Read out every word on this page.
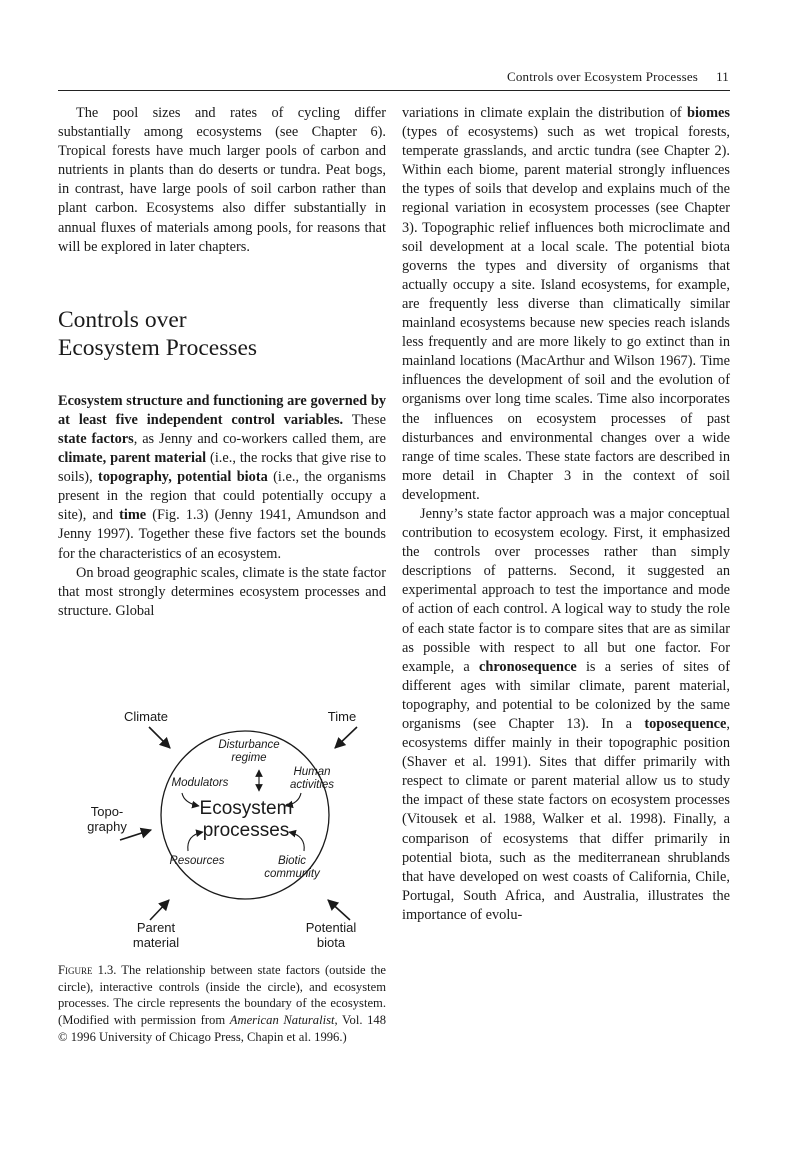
Controls over Ecosystem Processes 11

The pool sizes and rates of cycling differ substantially among ecosystems (see Chapter 6). Tropical forests have much larger pools of carbon and nutrients in plants than do deserts or tundra. Peat bogs, in contrast, have large pools of soil carbon rather than plant carbon. Ecosystems also differ substantially in annual fluxes of materials among pools, for reasons that will be explored in later chapters.

Controls over
Ecosystem Processes

Ecosystem structure and functioning are governed by at least five independent control variables. These state factors, as Jenny and co-workers called them, are climate, parent material (i.e., the rocks that give rise to soils), topography, potential biota (i.e., the organisms present in the region that could potentially occupy a site), and time (Fig. 1.3) (Jenny 1941, Amundson and Jenny 1997). Together these five factors set the bounds for the characteristics of an ecosystem.

On broad geographic scales, climate is the state factor that most strongly determines ecosystem processes and structure. Global

Climate	Time
Topo-
graphy
Parent
material
Potential
biota
Disturbance
regime
Modulators
Human
activities
Ecosystem
processes
Resources	Biotic
community
Figure 1.3. The relationship between state factors (outside the circle), interactive controls (inside the circle), and ecosystem processes. The circle represents the boundary of the ecosystem. (Modified with permission from American Naturalist, Vol. 148 © 1996 University of Chicago Press, Chapin et al. 1996.)

variations in climate explain the distribution of biomes (types of ecosystems) such as wet tropical forests, temperate grasslands, and arctic tundra (see Chapter 2). Within each biome, parent material strongly influences the types of soils that develop and explains much of the regional variation in ecosystem processes (see Chapter 3). Topographic relief influences both microclimate and soil development at a local scale. The potential biota governs the types and diversity of organisms that actually occupy a site. Island ecosystems, for example, are frequently less diverse than climatically similar mainland ecosystems because new species reach islands less frequently and are more likely to go extinct than in mainland locations (MacArthur and Wilson 1967). Time influences the development of soil and the evolution of organisms over long time scales. Time also incorporates the influences on ecosystem processes of past disturbances and environmental changes over a wide range of time scales. These state factors are described in more detail in Chapter 3 in the context of soil development.

Jenny’s state factor approach was a major conceptual contribution to ecosystem ecology. First, it emphasized the controls over processes rather than simply descriptions of patterns. Second, it suggested an experimental approach to test the importance and mode of action of each control. A logical way to study the role of each state factor is to compare sites that are as similar as possible with respect to all but one factor. For example, a chronosequence is a series of sites of different ages with similar climate, parent material, topography, and potential to be colonized by the same organisms (see Chapter 13). In a toposequence, ecosystems differ mainly in their topographic position (Shaver et al. 1991). Sites that differ primarily with respect to climate or parent material allow us to study the impact of these state factors on ecosystem processes (Vitousek et al. 1988, Walker et al. 1998). Finally, a comparison of ecosystems that differ primarily in potential biota, such as the mediterranean shrublands that have developed on west coasts of California, Chile, Portugal, South Africa, and Australia, illustrates the importance of evolu-
